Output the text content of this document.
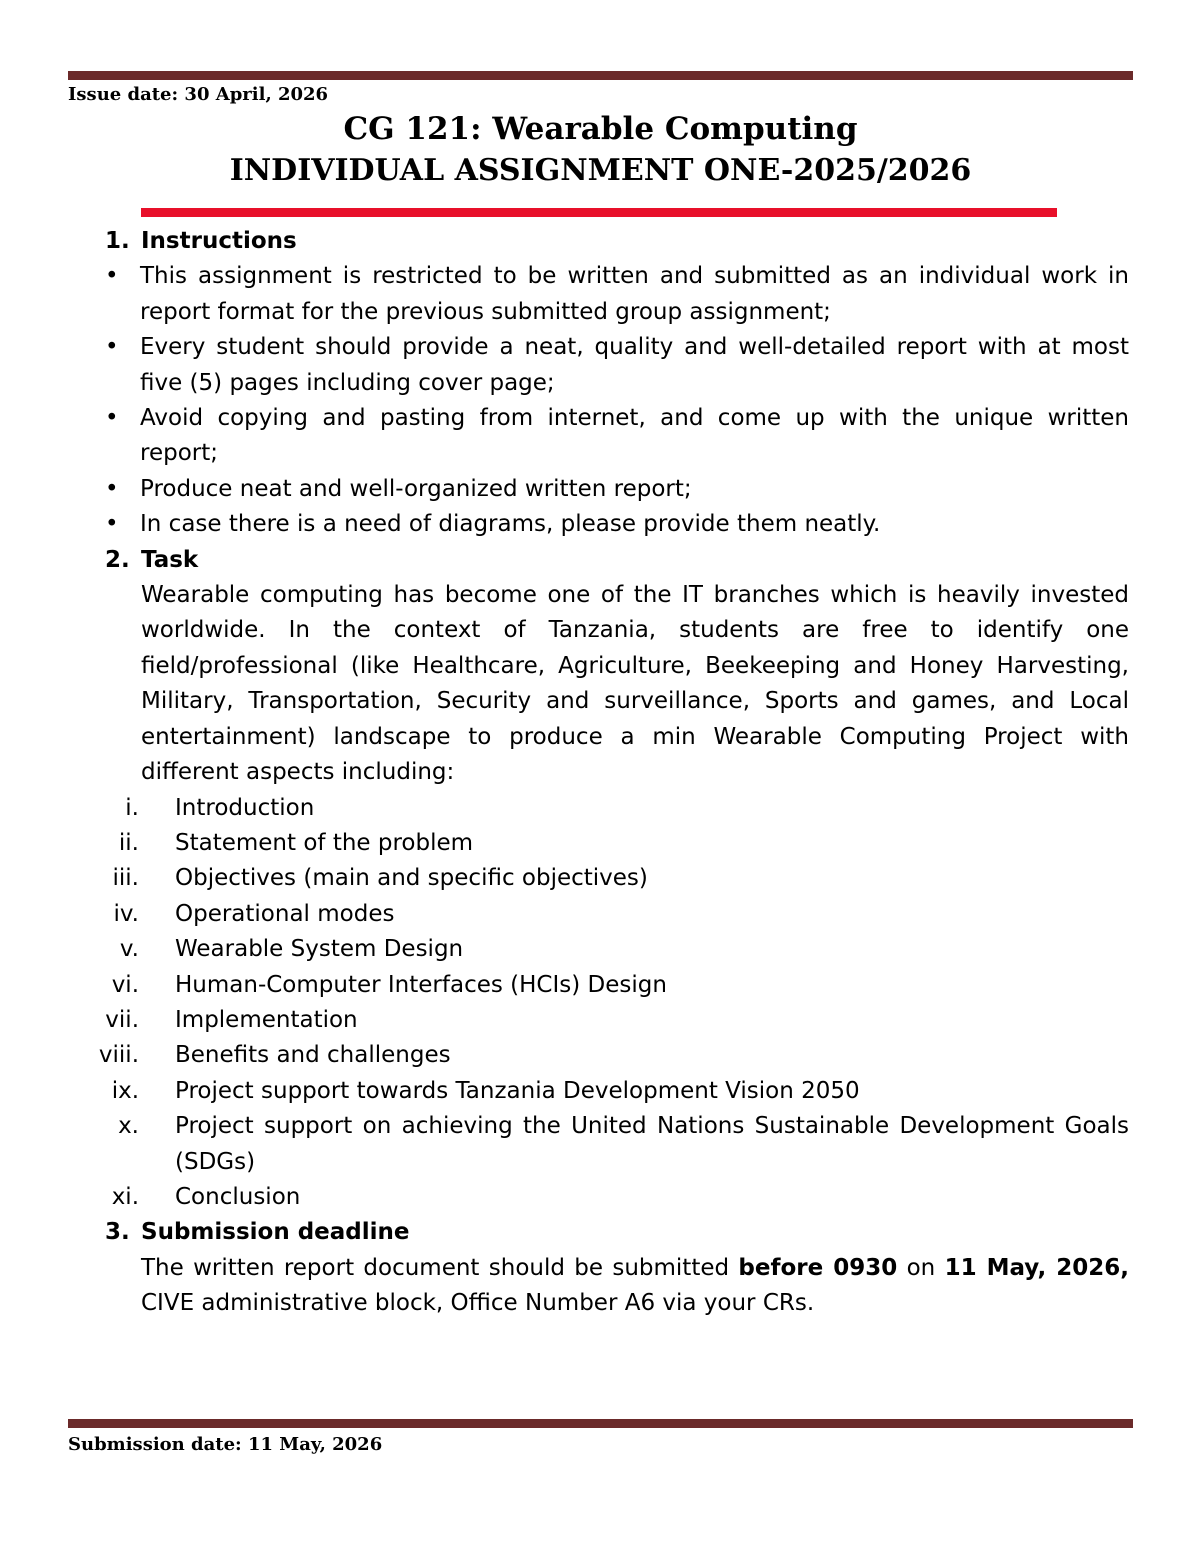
Issue date: 30 April, 2026
CG 121: Wearable Computing
INDIVIDUAL ASSIGNMENT ONE-2025/2026
1. Instructions
• This assignment is restricted to be written and submitted as an individual work in report format for the previous submitted group assignment;
• Every student should provide a neat, quality and well-detailed report with at most five (5) pages including cover page;
• Avoid copying and pasting from internet, and come up with the unique written report;
• Produce neat and well-organized written report;
• In case there is a need of diagrams, please provide them neatly.
2. Task
Wearable computing has become one of the IT branches which is heavily invested worldwide. In the context of Tanzania, students are free to identify one field/professional (like Healthcare, Agriculture, Beekeeping and Honey Harvesting, Military, Transportation, Security and surveillance, Sports and games, and Local entertainment) landscape to produce a min Wearable Computing Project with different aspects including:
i.	Introduction
ii.	Statement of the problem
iii.	Objectives (main and specific objectives)
iv.	Operational modes
v.	Wearable System Design
vi.	Human-Computer Interfaces (HCIs) Design
vii.	Implementation
viii.	Benefits and challenges
ix.	Project support towards Tanzania Development Vision 2050
x.	Project support on achieving the United Nations Sustainable Development Goals (SDGs)
xi.	Conclusion
3. Submission deadline
The written report document should be submitted before 0930 on 11 May, 2026, CIVE administrative block, Office Number A6 via your CRs.
Submission date: 11 May, 2026
